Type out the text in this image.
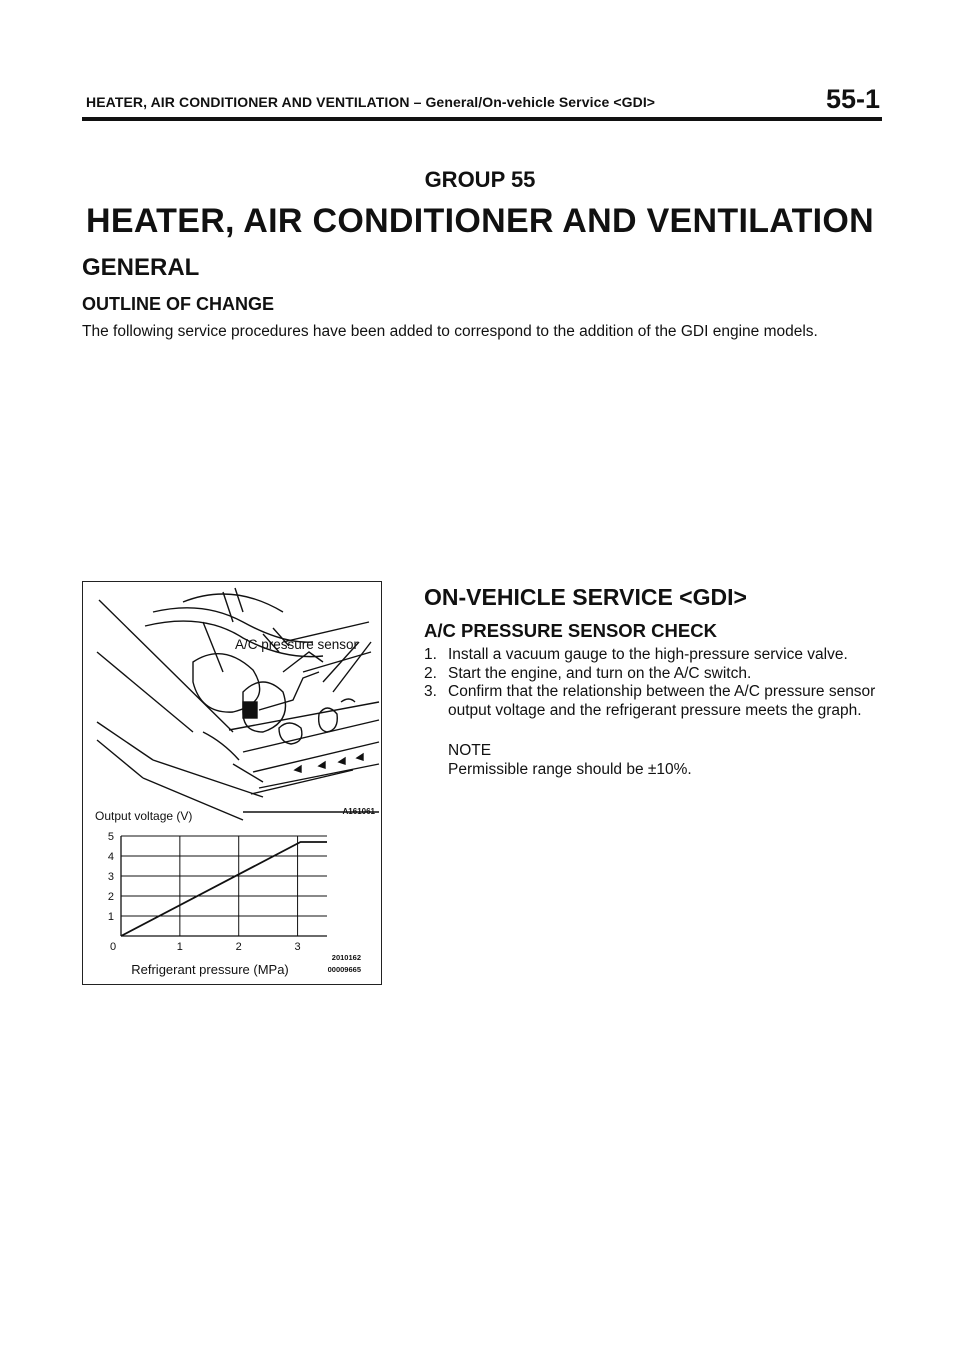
HEATER, AIR CONDITIONER AND VENTILATION – General/On-vehicle Service <GDI>	55-1
GROUP 55
HEATER, AIR CONDITIONER AND VENTILATION
GENERAL
OUTLINE OF CHANGE
The following service procedures have been added to correspond to the addition of the GDI engine models.
A/C pressure sensor
A161061
Output voltage (V)
1
2
3
4
5
0	1	2	3
Refrigerant pressure (MPa)
2010162
00009665
ON-VEHICLE SERVICE <GDI>
A/C PRESSURE SENSOR CHECK
1. Install a vacuum gauge to the high-pressure service valve.
2. Start the engine, and turn on the A/C switch.
3. Confirm that the relationship between the A/C pressure sensor output voltage and the refrigerant pressure meets the graph.
NOTE
Permissible range should be ±10%.
